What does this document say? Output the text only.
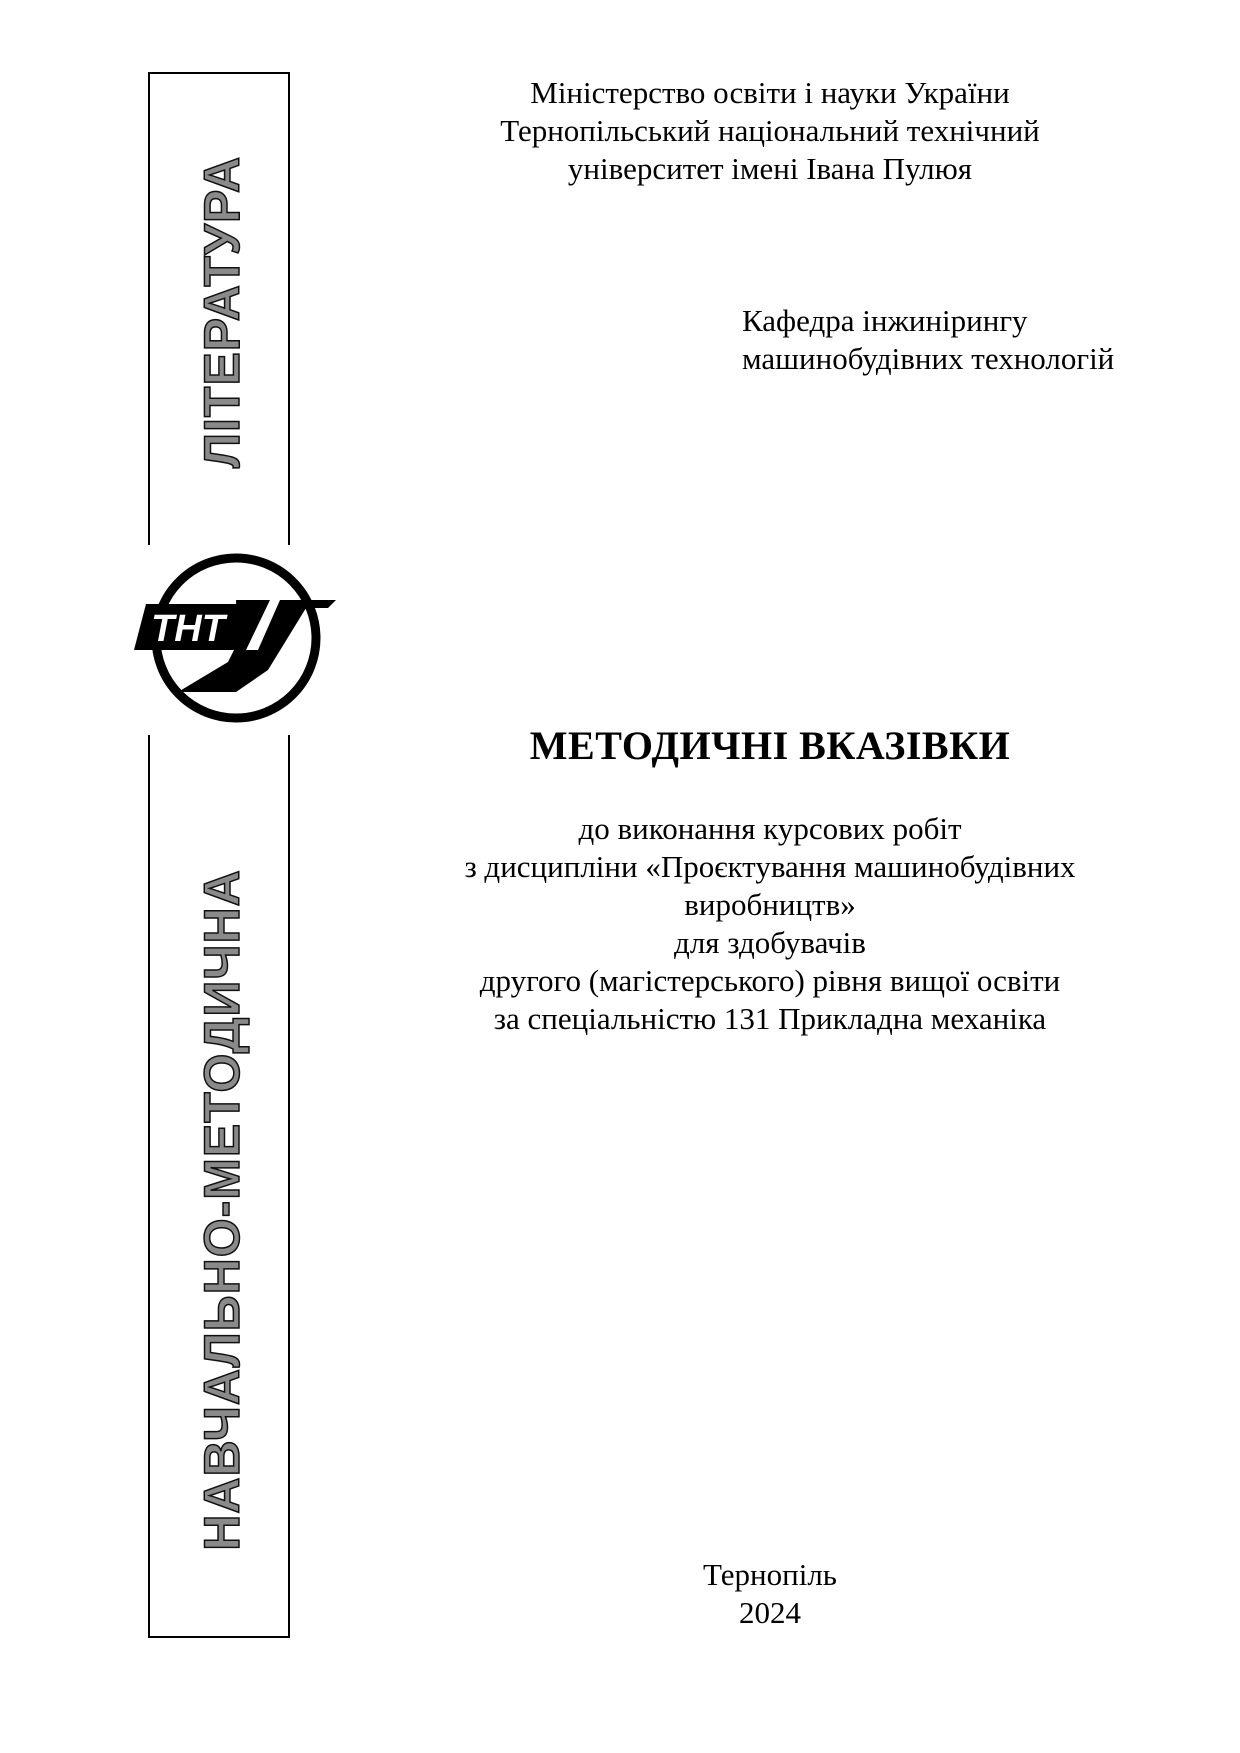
ЛІТЕРАТУРА
НАВЧАЛЬНО-МЕТОДИЧНА
ТНТ
Міністерство освіти і науки України
Тернопільський національний технічний
університет імені Івана Пулюя
Кафедра інжинірингу
машинобудівних технологій
МЕТОДИЧНІ ВКАЗІВКИ
до виконання курсових робіт
з дисципліни «Проєктування машинобудівних
виробництв»
для здобувачів
другого (магістерського) рівня вищої освіти
за спеціальністю 131 Прикладна механіка
Тернопіль
2024
